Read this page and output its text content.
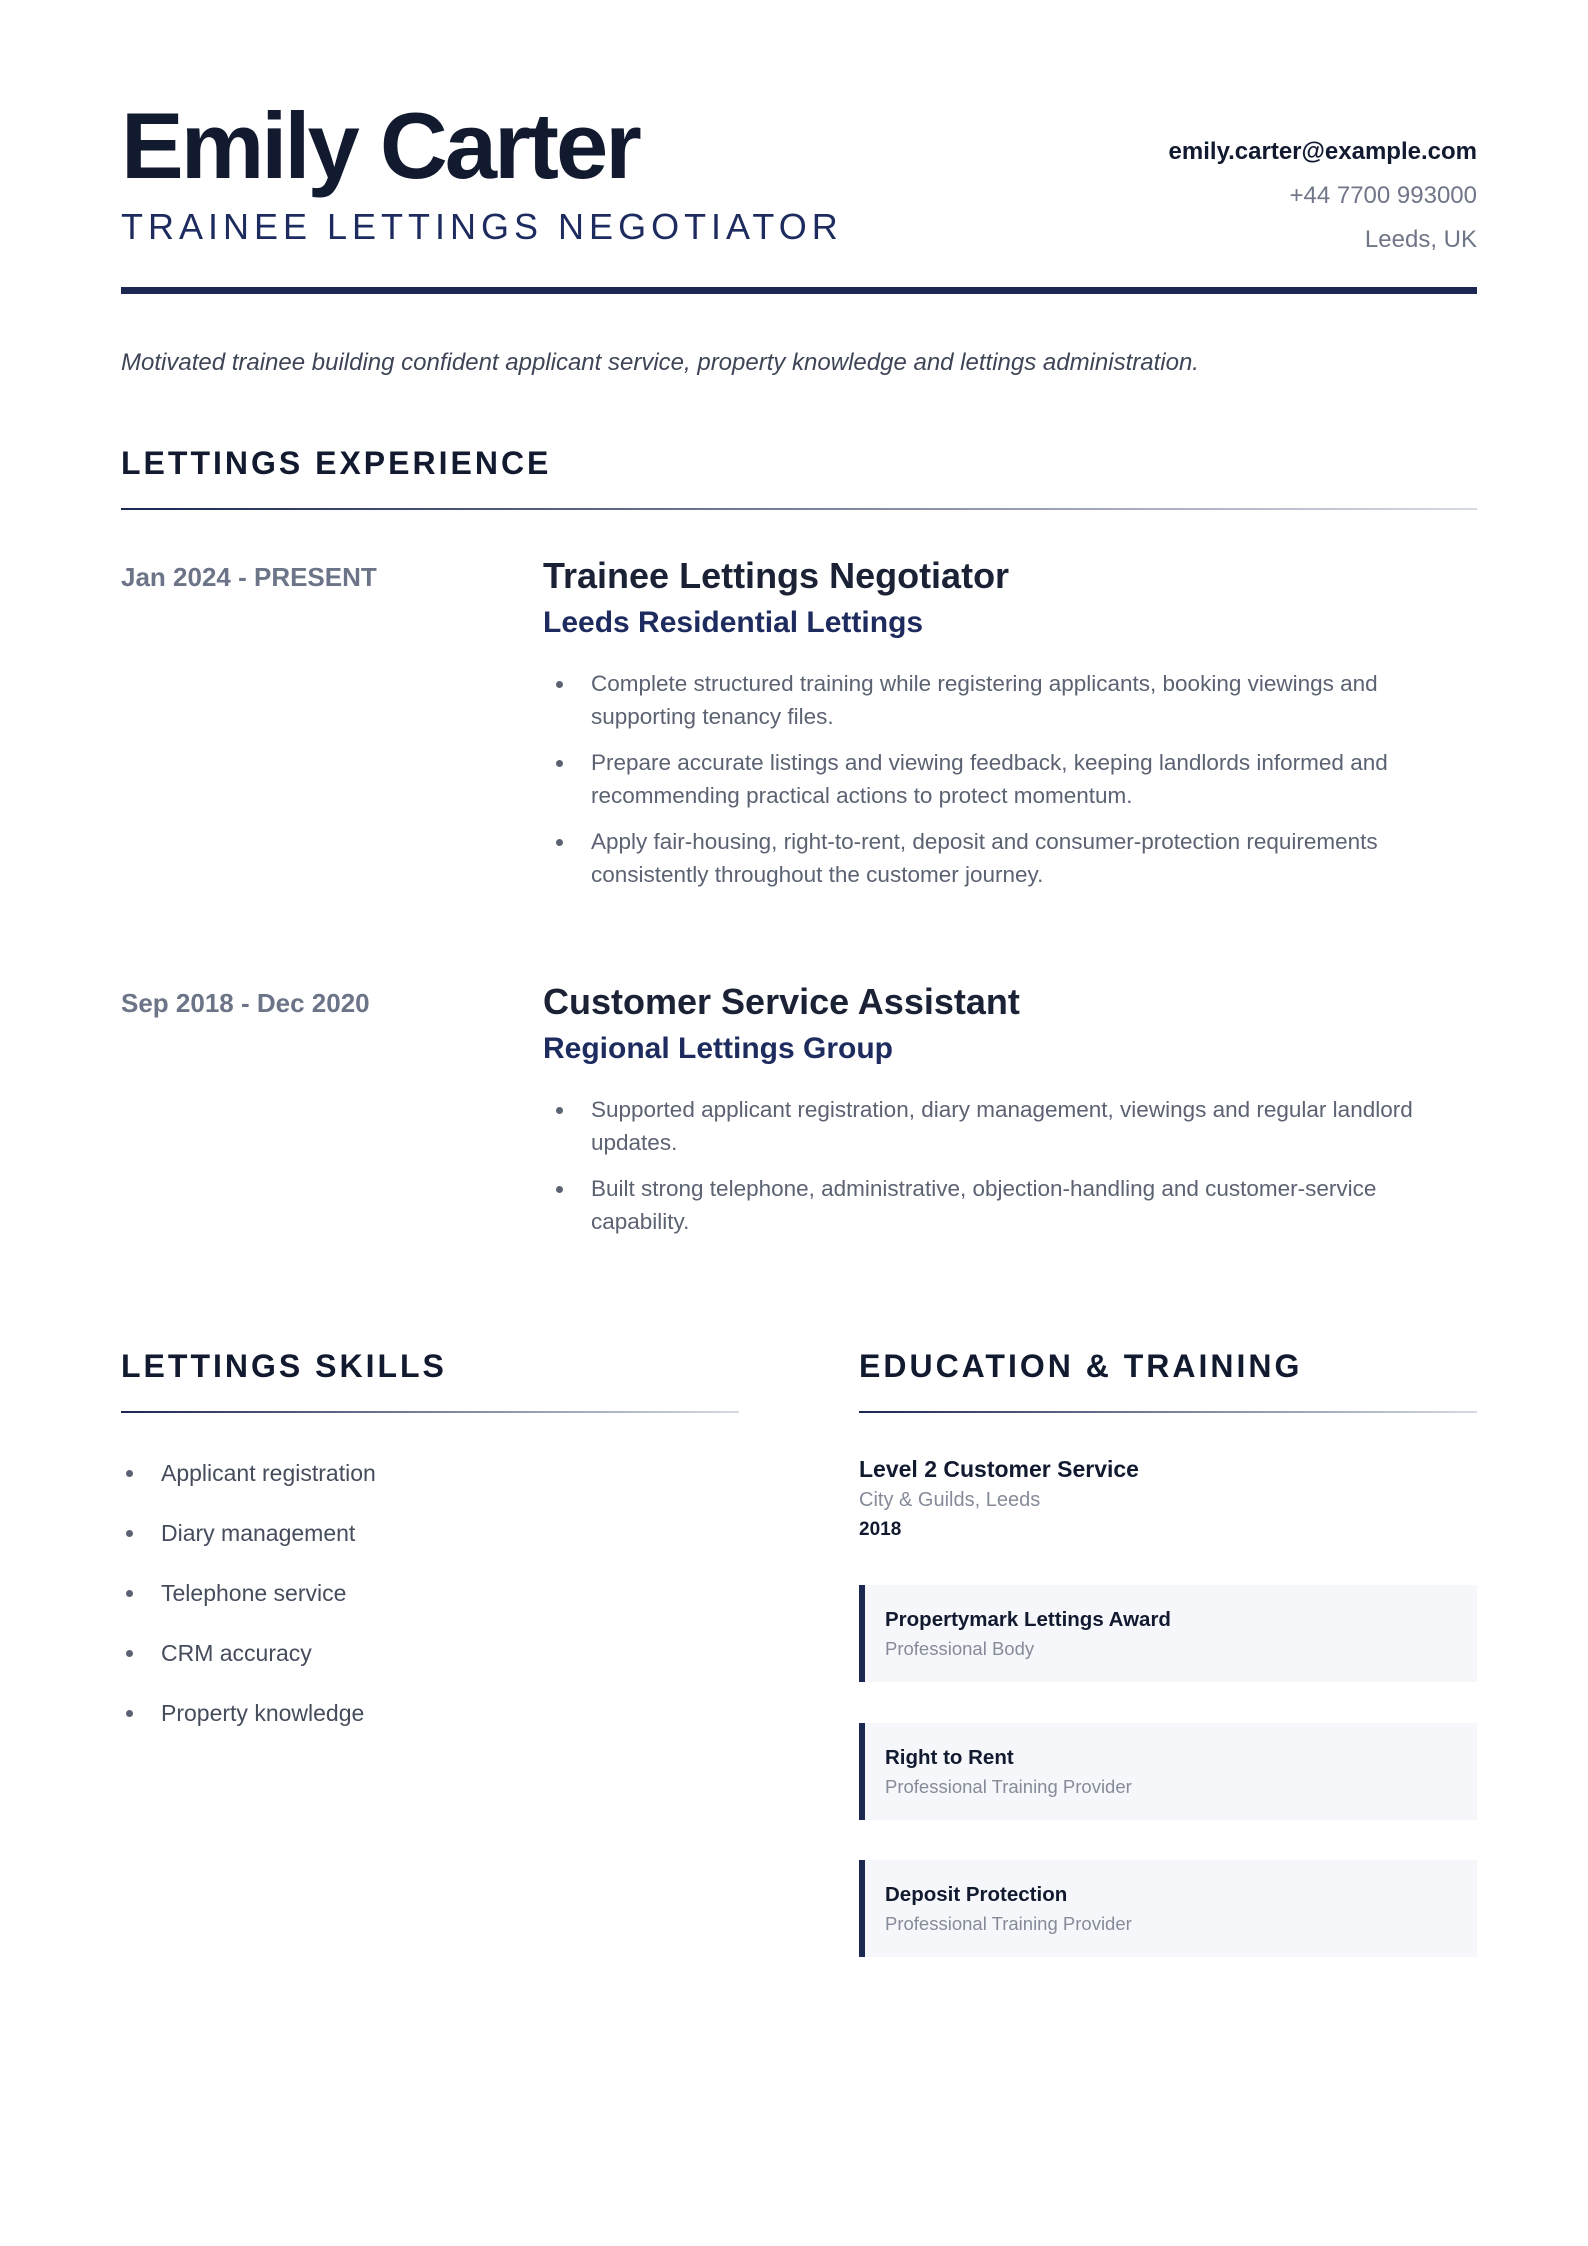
Emily Carter
TRAINEE LETTINGS NEGOTIATOR
emily.carter@example.com
+44 7700 993000
Leeds, UK
Motivated trainee building confident applicant service, property knowledge and lettings administration.
LETTINGS EXPERIENCE
Jan 2024 - PRESENT	Trainee Lettings Negotiator
Leeds Residential Lettings
Complete structured training while registering applicants, booking viewings and supporting tenancy files.
Prepare accurate listings and viewing feedback, keeping landlords informed and recommending practical actions to protect momentum.
Apply fair-housing, right-to-rent, deposit and consumer-protection requirements consistently throughout the customer journey.
Sep 2018 - Dec 2020	Customer Service Assistant
Regional Lettings Group
Supported applicant registration, diary management, viewings and regular landlord updates.
Built strong telephone, administrative, objection-handling and customer-service capability.
LETTINGS SKILLS
Applicant registration
Diary management
Telephone service
CRM accuracy
Property knowledge
EDUCATION & TRAINING
Level 2 Customer Service
City & Guilds, Leeds
2018
Propertymark Lettings Award
Professional Body
Right to Rent
Professional Training Provider
Deposit Protection
Professional Training Provider
